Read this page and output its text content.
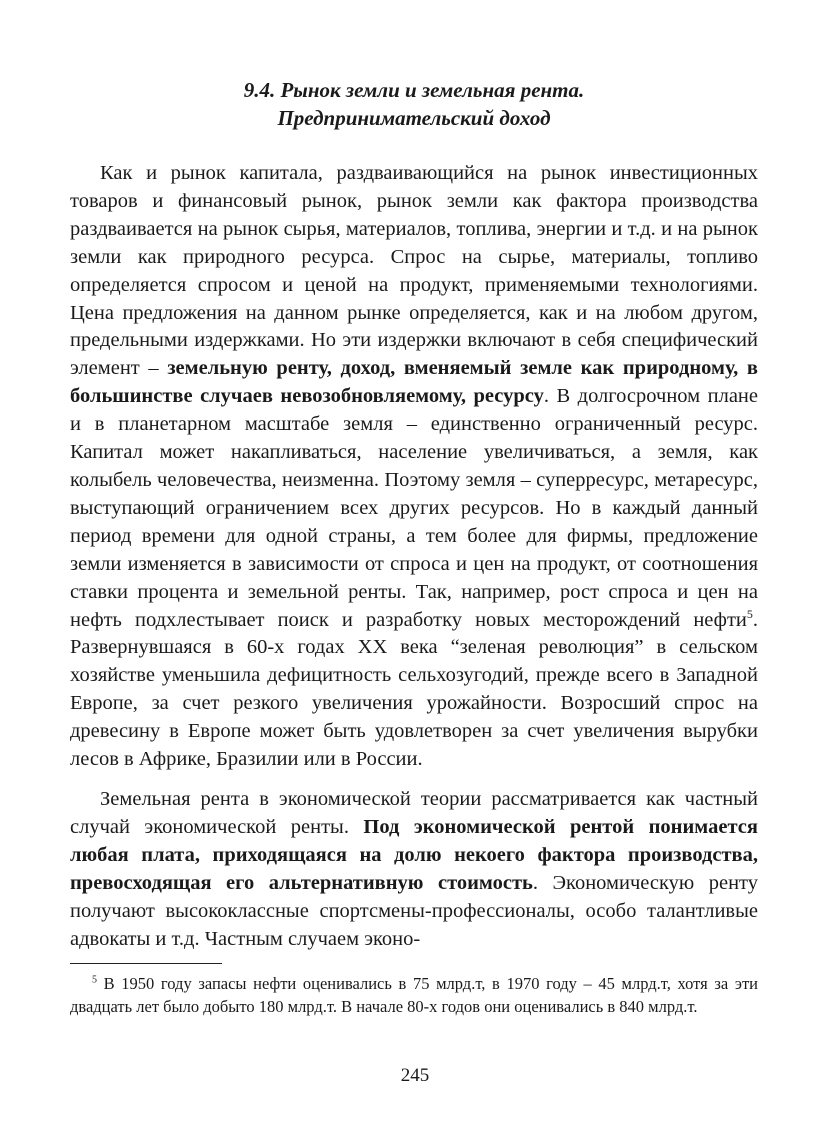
9.4. Рынок земли и земельная рента.
Предпринимательский доход

Как и рынок капитала, раздваивающийся на рынок инвестиционных товаров и финансовый рынок, рынок земли как фактора производства раздваивается на рынок сырья, материалов, топлива, энергии и т.д. и на рынок земли как природного ресурса. Спрос на сырье, материалы, топливо определяется спросом и ценой на продукт, применяемыми технологиями. Цена предложения на данном рынке определяется, как и на любом другом, предельными издержками. Но эти издержки включают в себя специфический элемент – земельную ренту, доход, вменяемый земле как природному, в большинстве случаев невозобновляемому, ресурсу. В долгосрочном плане и в планетарном масштабе земля – единственно ограниченный ресурс. Капитал может накапливаться, население увеличиваться, а земля, как колыбель человечества, неизменна. Поэтому земля – суперресурс, метаресурс, выступающий ограничением всех других ресурсов. Но в каждый данный период времени для одной страны, а тем более для фирмы, предложение земли изменяется в зависимости от спроса и цен на продукт, от соотношения ставки процента и земельной ренты. Так, например, рост спроса и цен на нефть подхлестывает поиск и разработку новых месторождений нефти$^5$. Развернувшаяся в 60-х годах XX века “зеленая революция” в сельском хозяйстве уменьшила дефицитность сельхозугодий, прежде всего в Западной Европе, за счет резкого увеличения урожайности. Возросший спрос на древесину в Европе может быть удовлетворен за счет увеличения вырубки лесов в Африке, Бразилии или в России.

Земельная рента в экономической теории рассматривается как частный случай экономической ренты. Под экономической рентой понимается любая плата, приходящаяся на долю некоего фактора производства, превосходящая его альтернативную стоимость. Экономическую ренту получают высококлассные спортсмены-профессионалы, особо талантливые адвокаты и т.д. Частным случаем эконо-

$^5$ В 1950 году запасы нефти оценивались в 75 млрд.т, в 1970 году – 45 млрд.т, хотя за эти двадцать лет было добыто 180 млрд.т. В начале 80-х годов они оценивались в 840 млрд.т.

245
